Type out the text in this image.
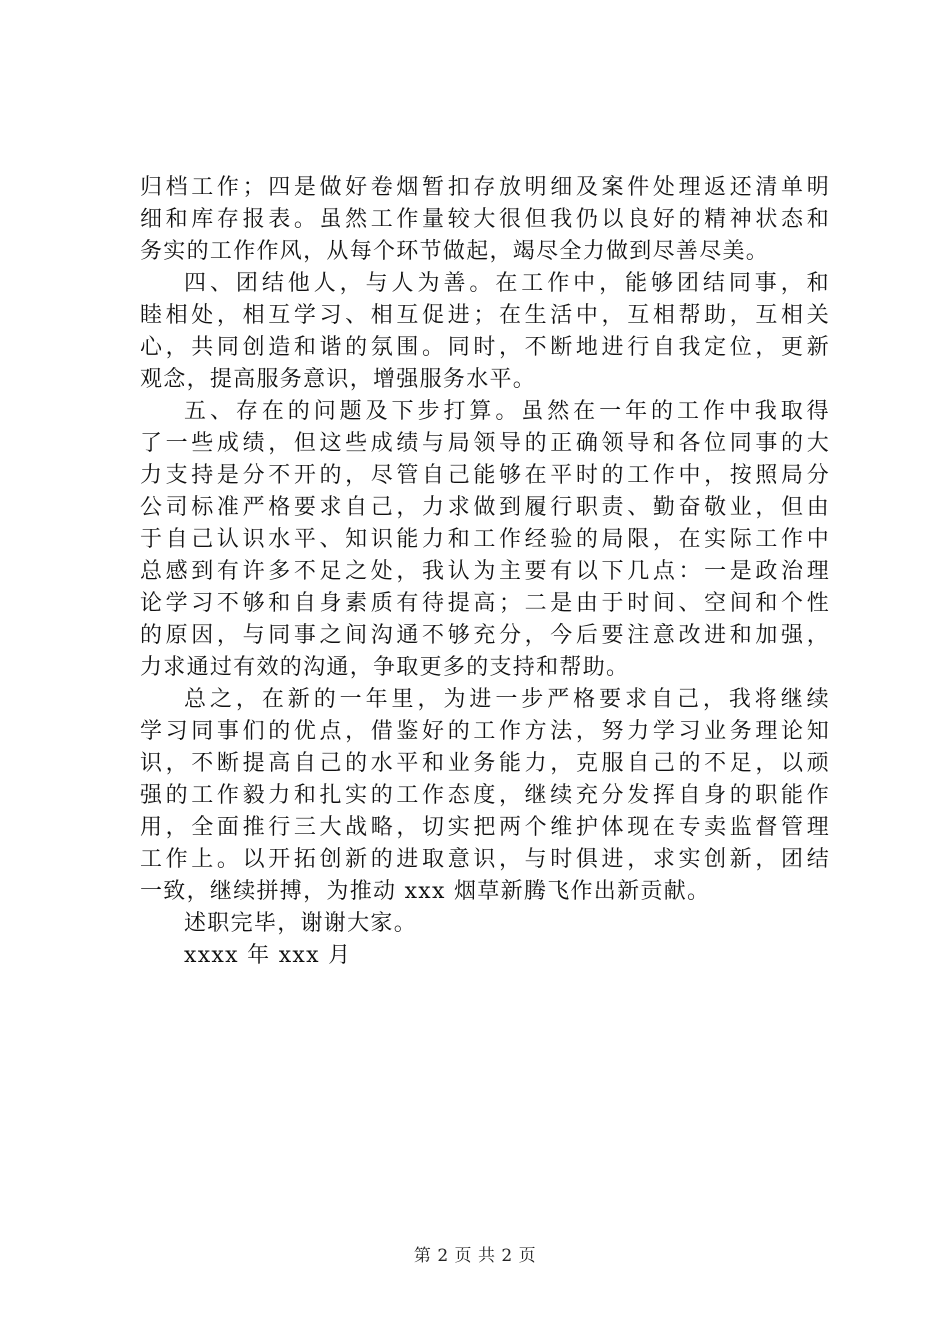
归档工作；四是做好卷烟暂扣存放明细及案件处理返还清单明
细和库存报表。虽然工作量较大很但我仍以良好的精神状态和
务实的工作作风，从每个环节做起，竭尽全力做到尽善尽美。
四、团结他人，与人为善。在工作中，能够团结同事，和
睦相处，相互学习、相互促进；在生活中，互相帮助，互相关
心，共同创造和谐的氛围。同时，不断地进行自我定位，更新
观念，提高服务意识，增强服务水平。
五、存在的问题及下步打算。虽然在一年的工作中我取得
了一些成绩，但这些成绩与局领导的正确领导和各位同事的大
力支持是分不开的，尽管自己能够在平时的工作中，按照局分
公司标准严格要求自己，力求做到履行职责、勤奋敬业，但由
于自己认识水平、知识能力和工作经验的局限，在实际工作中
总感到有许多不足之处，我认为主要有以下几点：一是政治理
论学习不够和自身素质有待提高；二是由于时间、空间和个性
的原因，与同事之间沟通不够充分，今后要注意改进和加强，
力求通过有效的沟通，争取更多的支持和帮助。
总之，在新的一年里，为进一步严格要求自己，我将继续
学习同事们的优点，借鉴好的工作方法，努力学习业务理论知
识，不断提高自己的水平和业务能力，克服自己的不足，以顽
强的工作毅力和扎实的工作态度，继续充分发挥自身的职能作
用，全面推行三大战略，切实把两个维护体现在专卖监督管理
工作上。以开拓创新的进取意识，与时俱进，求实创新，团结
一致，继续拼搏，为推动 xxx 烟草新腾飞作出新贡献。
述职完毕，谢谢大家。
xxxx 年 xxx 月
第 2 页 共 2 页
